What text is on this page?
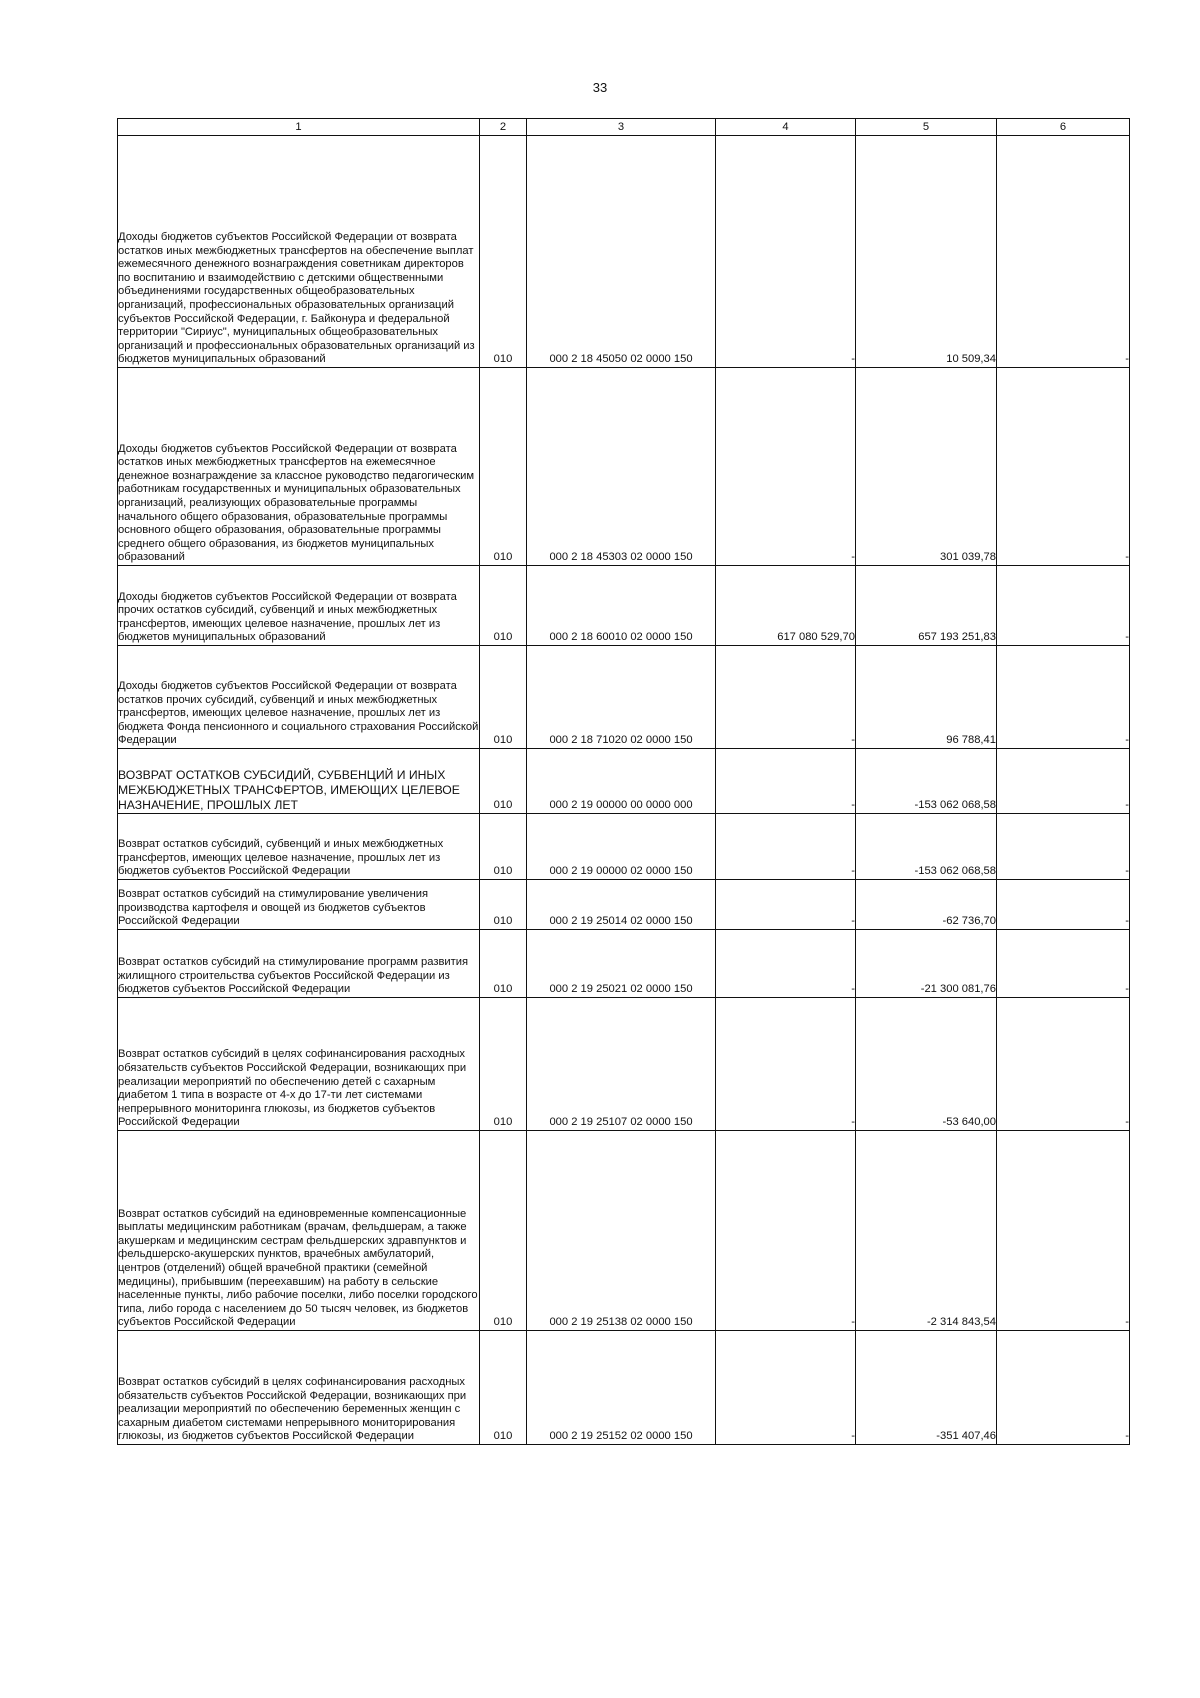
33
1	2	3	4	5	6

Доходы бюджетов субъектов Российской Федерации от возврата остатков иных межбюджетных трансфертов на обеспечение выплат ежемесячного денежного вознаграждения советникам директоров по воспитанию и взаимодействию с детскими общественными объединениями государственных общеобразовательных организаций, профессиональных образовательных организаций субъектов Российской Федерации, г. Байконура и федеральной территории "Сириус", муниципальных общеобразовательных организаций и профессиональных образовательных организаций из бюджетов муниципальных образований	010	000 2 18 45050 02 0000 150	-	10 509,34	-

Доходы бюджетов субъектов Российской Федерации от возврата остатков иных межбюджетных трансфертов на ежемесячное денежное вознаграждение за классное руководство педагогическим работникам государственных и муниципальных образовательных организаций, реализующих образовательные программы начального общего образования, образовательные программы основного общего образования, образовательные программы среднего общего образования, из бюджетов муниципальных образований	010	000 2 18 45303 02 0000 150	-	301 039,78	-

Доходы бюджетов субъектов Российской Федерации от возврата прочих остатков субсидий, субвенций и иных межбюджетных трансфертов, имеющих целевое назначение, прошлых лет из бюджетов муниципальных образований	010	000 2 18 60010 02 0000 150	617 080 529,70	657 193 251,83	-

Доходы бюджетов субъектов Российской Федерации от возврата остатков прочих субсидий, субвенций и иных межбюджетных трансфертов, имеющих целевое назначение, прошлых лет из бюджета Фонда пенсионного и социального страхования Российской Федерации	010	000 2 18 71020 02 0000 150	-	96 788,41	-

ВОЗВРАТ ОСТАТКОВ СУБСИДИЙ, СУБВЕНЦИЙ И ИНЫХ МЕЖБЮДЖЕТНЫХ ТРАНСФЕРТОВ, ИМЕЮЩИХ ЦЕЛЕВОЕ НАЗНАЧЕНИЕ, ПРОШЛЫХ ЛЕТ	010	000 2 19 00000 00 0000 000	-	-153 062 068,58	-

Возврат остатков субсидий, субвенций и иных межбюджетных трансфертов, имеющих целевое назначение, прошлых лет из бюджетов субъектов Российской Федерации	010	000 2 19 00000 02 0000 150	-	-153 062 068,58	-

Возврат остатков субсидий на стимулирование увеличения производства картофеля и овощей из бюджетов субъектов Российской Федерации	010	000 2 19 25014 02 0000 150	-	-62 736,70	-

Возврат остатков субсидий на стимулирование программ развития жилищного строительства субъектов Российской Федерации из бюджетов субъектов Российской Федерации	010	000 2 19 25021 02 0000 150	-	-21 300 081,76	-

Возврат остатков субсидий в целях софинансирования расходных обязательств субъектов Российской Федерации, возникающих при реализации мероприятий по обеспечению детей с сахарным диабетом 1 типа в возрасте от 4-х до 17-ти лет системами непрерывного мониторинга глюкозы, из бюджетов субъектов Российской Федерации	010	000 2 19 25107 02 0000 150	-	-53 640,00	-

Возврат остатков субсидий на единовременные компенсационные выплаты медицинским работникам (врачам, фельдшерам, а также акушеркам и медицинским сестрам фельдшерских здравпунктов и фельдшерско-акушерских пунктов, врачебных амбулаторий, центров (отделений) общей врачебной практики (семейной медицины), прибывшим (переехавшим) на работу в сельские населенные пункты, либо рабочие поселки, либо поселки городского типа, либо города с населением до 50 тысяч человек, из бюджетов субъектов Российской Федерации	010	000 2 19 25138 02 0000 150	-	-2 314 843,54	-

Возврат остатков субсидий в целях софинансирования расходных обязательств субъектов Российской Федерации, возникающих при реализации мероприятий по обеспечению беременных женщин с сахарным диабетом системами непрерывного мониторирования глюкозы, из бюджетов субъектов Российской Федерации	010	000 2 19 25152 02 0000 150	-	-351 407,46	-
